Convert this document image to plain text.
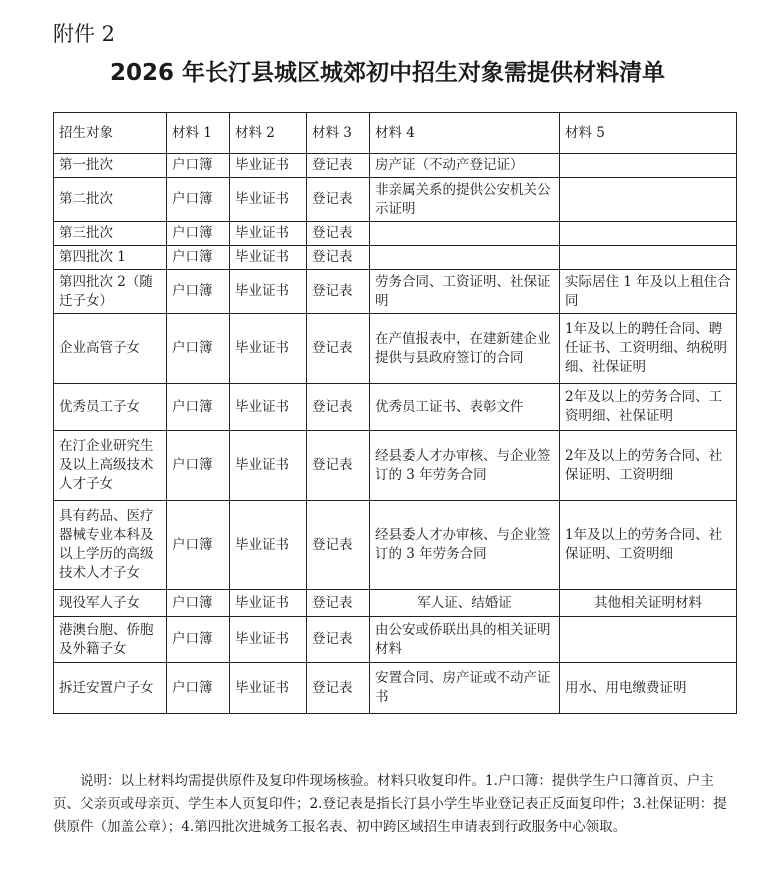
附件 2
2026 年长汀县城区城郊初中招生对象需提供材料清单
招生对象	材料 1	材料 2	材料 3	材料 4	材料 5
第一批次	户口簿	毕业证书	登记表	房产证（不动产登记证）	
第二批次	户口簿	毕业证书	登记表	非亲属关系的提供公安机关公示证明	
第三批次	户口簿	毕业证书	登记表		
第四批次 1	户口簿	毕业证书	登记表		
第四批次 2（随迁子女）	户口簿	毕业证书	登记表	劳务合同、工资证明、社保证明	实际居住 1 年及以上租住合同
企业高管子女	户口簿	毕业证书	登记表	在产值报表中，在建新建企业提供与县政府签订的合同	1年及以上的聘任合同、聘任证书、工资明细、纳税明细、社保证明
优秀员工子女	户口簿	毕业证书	登记表	优秀员工证书、表彰文件	2年及以上的劳务合同、工资明细、社保证明
在汀企业研究生及以上高级技术人才子女	户口簿	毕业证书	登记表	经县委人才办审核、与企业签订的 3 年劳务合同	2年及以上的劳务合同、社保证明、工资明细
具有药品、医疗器械专业本科及以上学历的高级技术人才子女	户口簿	毕业证书	登记表	经县委人才办审核、与企业签订的 3 年劳务合同	1年及以上的劳务合同、社保证明、工资明细
现役军人子女	户口簿	毕业证书	登记表	军人证、结婚证	其他相关证明材料
港澳台胞、侨胞及外籍子女	户口簿	毕业证书	登记表	由公安或侨联出具的相关证明材料	
拆迁安置户子女	户口簿	毕业证书	登记表	安置合同、房产证或不动产证书	用水、用电缴费证明
说明：以上材料均需提供原件及复印件现场核验。材料只收复印件。1.户口簿：提供学生户口簿首页、户主页、父亲页或母亲页、学生本人页复印件；2.登记表是指长汀县小学生毕业登记表正反面复印件；3.社保证明：提供原件（加盖公章）；4.第四批次进城务工报名表、初中跨区域招生申请表到行政服务中心领取。
